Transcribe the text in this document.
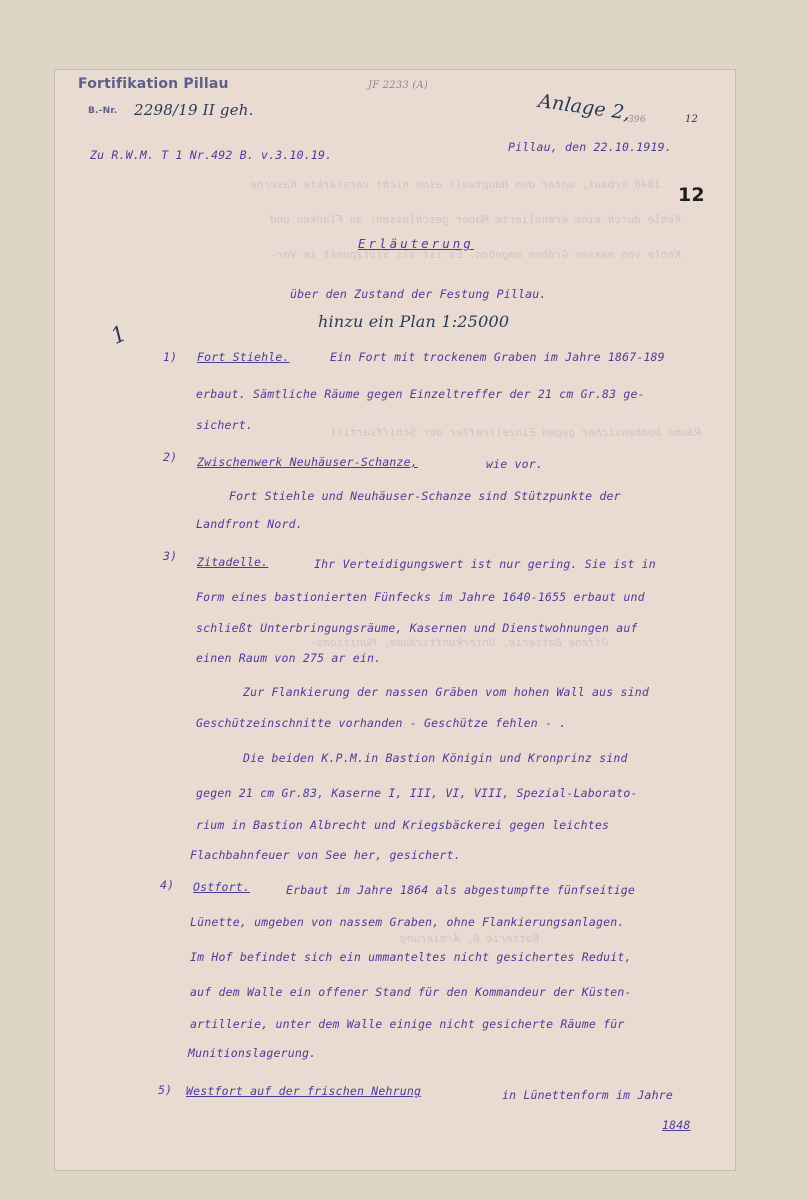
1848 erbaut, unter dem Hauptwall eine nicht verstärkte Kaserne
Kehle durch eine krenelierte Mauer geschlossen; an Flanken und
Kehle von nassen Gräben umgeben. Es ist als Stützpunkt im Vor-
Räume bombensicher gegen Einzeltreffer der Schiffsartill
Offene Batterie, Unterkunftsräume, Munitions-
Batterie 6, Armierung
Fortifikation Pillau
B.-Nr. 2298/19 II geh.
JF 2233 (A)
Anlage 2,
396	12
Zu R.W.M. T 1 Nr.492 B. v.3.10.19.
Pillau, den 22.10.1919.
12
Erläuterung
über den Zustand der Festung Pillau.
hinzu ein Plan 1:25000
1
1) Fort Stiehle.	Ein Fort mit trockenem Graben im Jahre 1867-189
erbaut. Sämtliche Räume gegen Einzeltreffer der 21 cm Gr.83 ge-
sichert.
2) Zwischenwerk Neuhäuser-Schanze,	wie vor.
Fort Stiehle und Neuhäuser-Schanze sind Stützpunkte der
Landfront Nord.
3) Zitadelle.	Ihr Verteidigungswert ist nur gering. Sie ist in
Form eines bastionierten Fünfecks im Jahre 1640-1655 erbaut und
schließt Unterbringungsräume, Kasernen und Dienstwohnungen auf
einen Raum von 275 ar ein.
Zur Flankierung der nassen Gräben vom hohen Wall aus sind
Geschützeinschnitte vorhanden - Geschütze fehlen - .
Die beiden K.P.M.in Bastion Königin und Kronprinz sind
gegen 21 cm Gr.83, Kaserne I, III, VI, VIII, Spezial-Laborato-
rium in Bastion Albrecht und Kriegsbäckerei gegen leichtes
Flachbahnfeuer von See her, gesichert.
4) Ostfort.	Erbaut im Jahre 1864 als abgestumpfte fünfseitige
Lünette, umgeben von nassem Graben, ohne Flankierungsanlagen.
Im Hof befindet sich ein ummanteltes nicht gesichertes Reduit,
auf dem Walle ein offener Stand für den Kommandeur der Küsten-
artillerie, unter dem Walle einige nicht gesicherte Räume für
Munitionslagerung.
5) Westfort auf der frischen Nehrung	in Lünettenform im Jahre
1848
